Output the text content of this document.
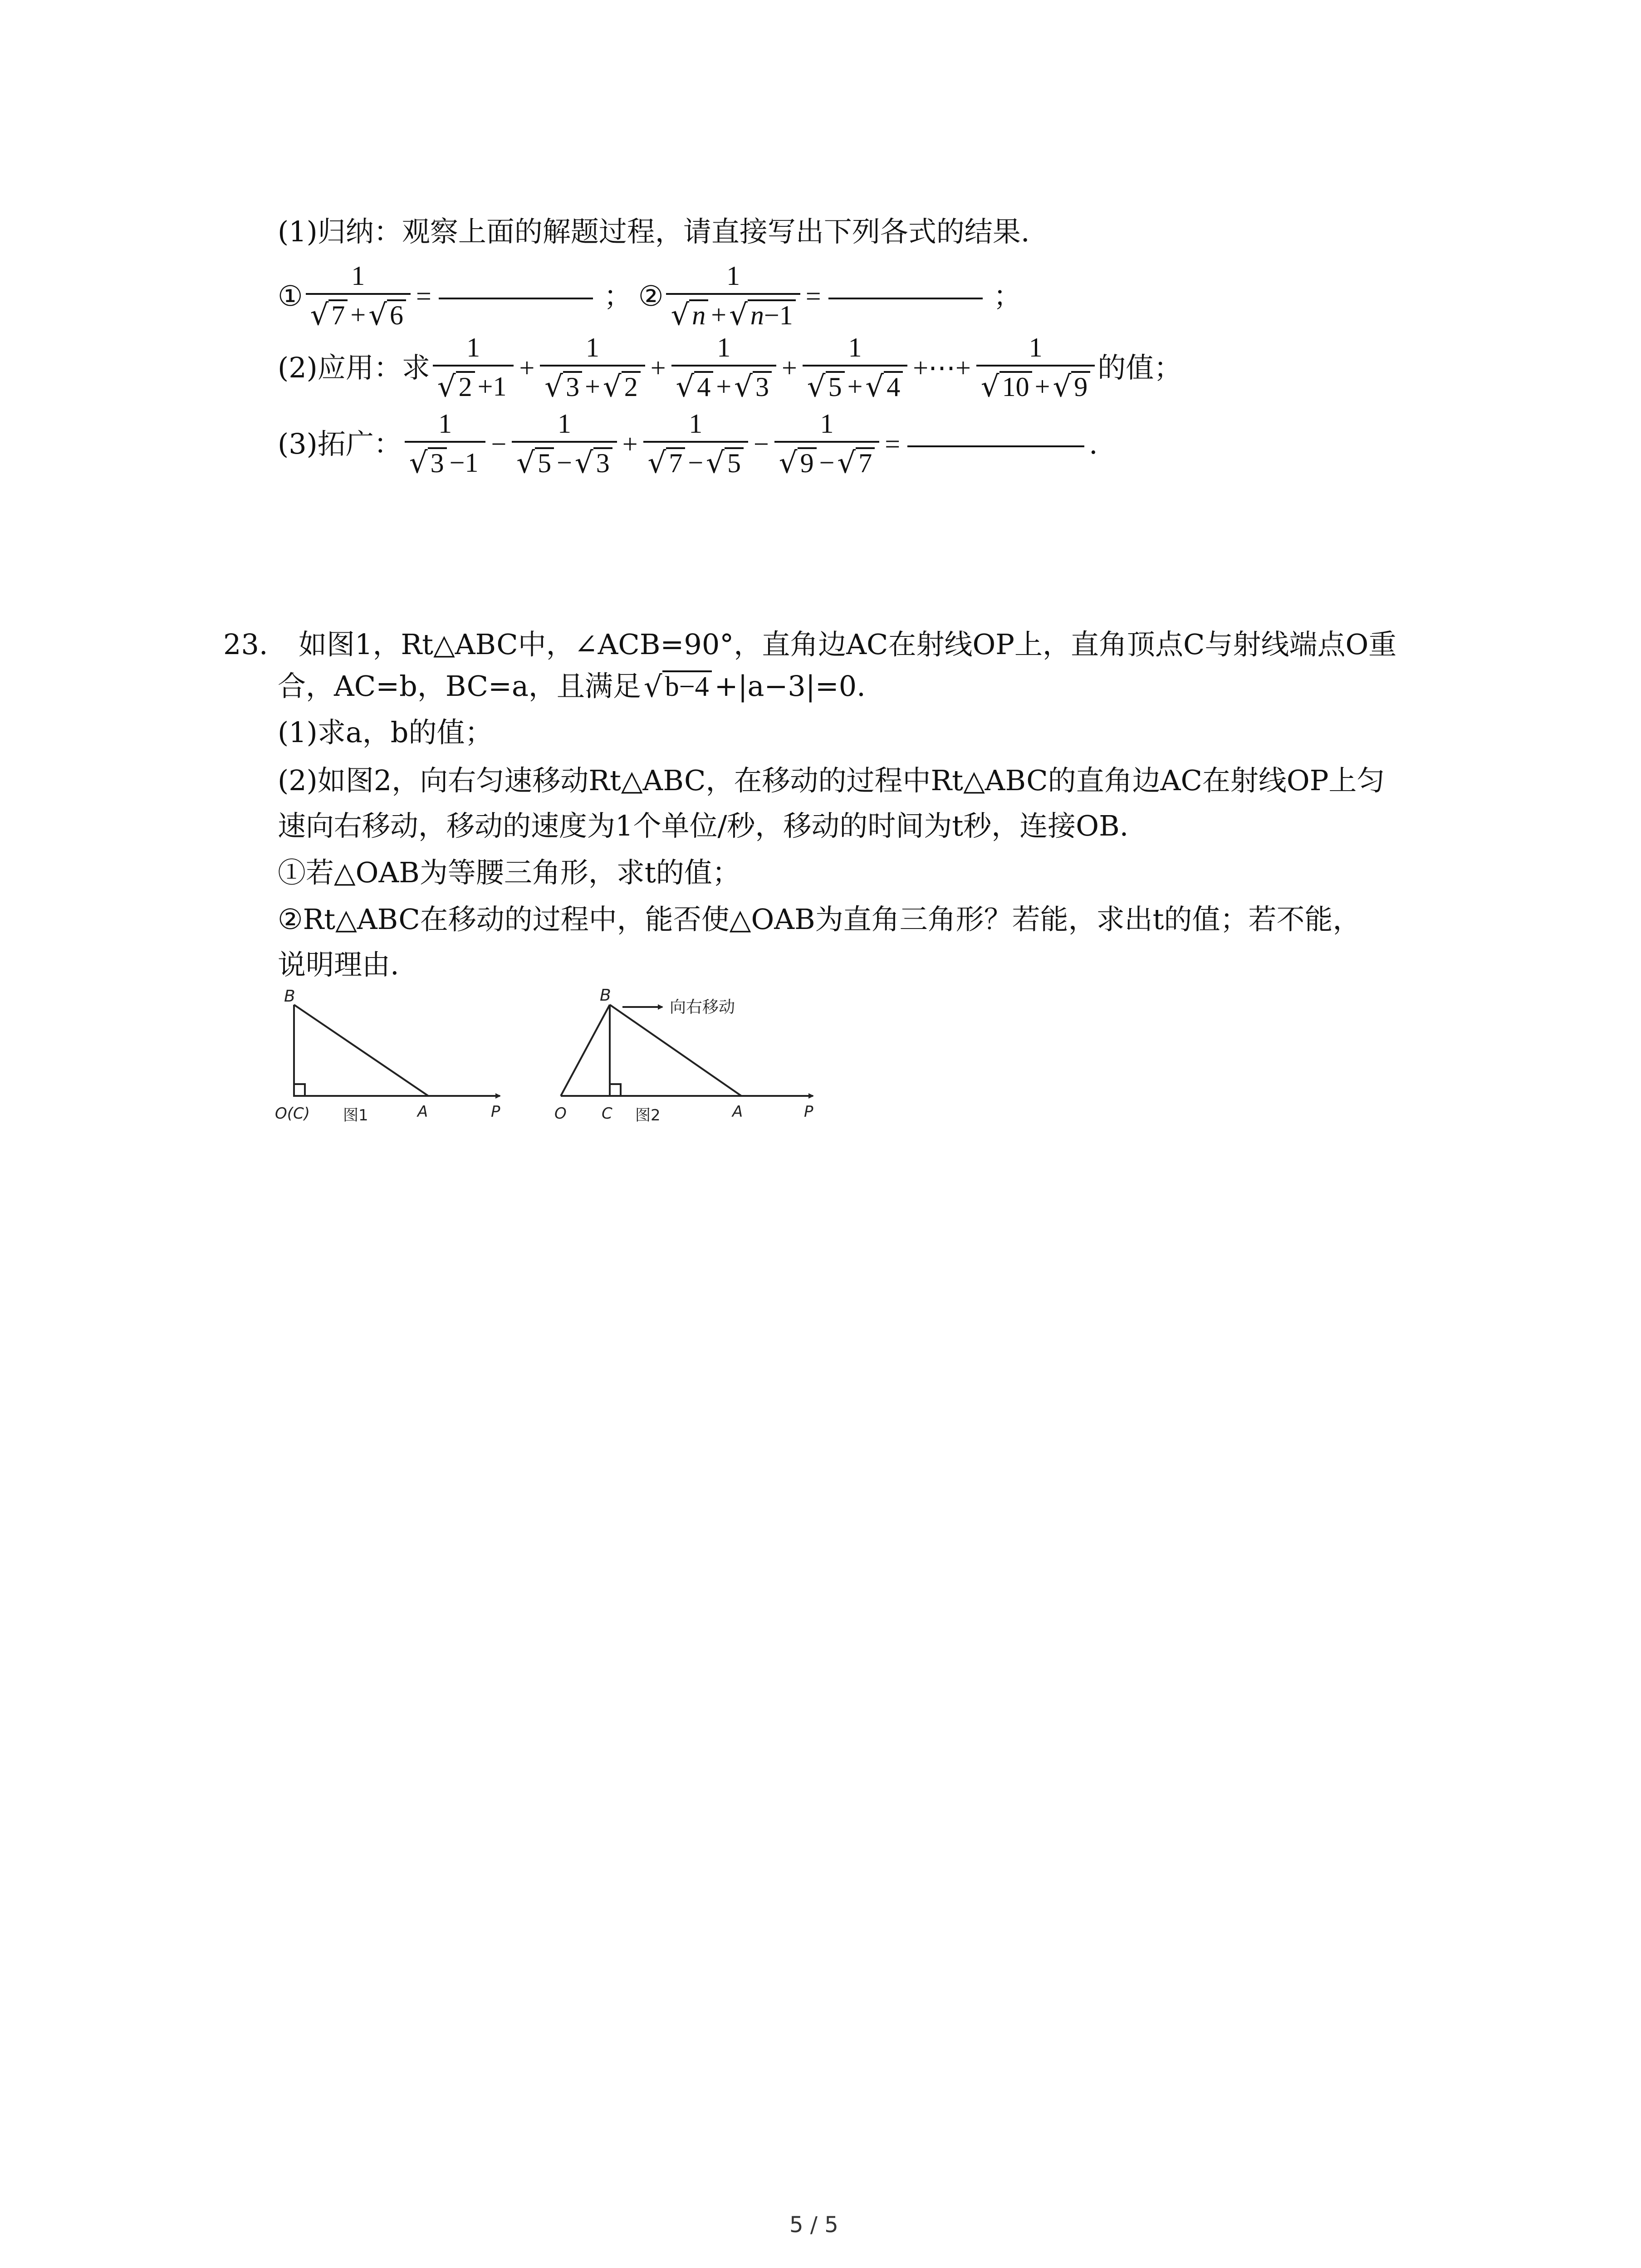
(1)归纳：观察上面的解题过程，请直接写出下列各式的结果.
① $\frac{1}{√ 7 + √ 6}$ =	； ② $\frac{1}{√ n + √ n-1}$ =	；
(2)应用：求 $\frac{1}{√ 2 +1} + \frac{1}{√ 3 + √ 2} + \frac{1}{√ 4 + √ 3} + \frac{1}{√ 5 + √ 4}$ +⋯+ $\frac{1}{√ 10 + √ 9}$ 的值；
(3)拓广： $\frac{1}{√ 3 -1} - \frac{1}{√ 5 - √ 3} + \frac{1}{√ 7 - √ 5} - \frac{1}{√ 9 - √ 7}$ =	.
23. 如图1，Rt△ABC中，∠ACB=90°，直角边AC在射线OP上，直角顶点C与射线端点O重
合，AC=b，BC=a，且满足 √ b−4 +|a−3|=0.
(1)求a，b的值；
(2)如图2，向右匀速移动Rt△ABC，在移动的过程中Rt△ABC的直角边AC在射线OP上匀
速向右移动，移动的速度为1个单位/秒，移动的时间为t秒，连接OB.
①若△OAB为等腰三角形，求t的值；
②Rt△ABC在移动的过程中，能否使△OAB为直角三角形？若能，求出t的值；若不能，
说明理由.
B
O(C)	A	P
图1
B
向右移动
O C 图2	A	P
5 / 5
